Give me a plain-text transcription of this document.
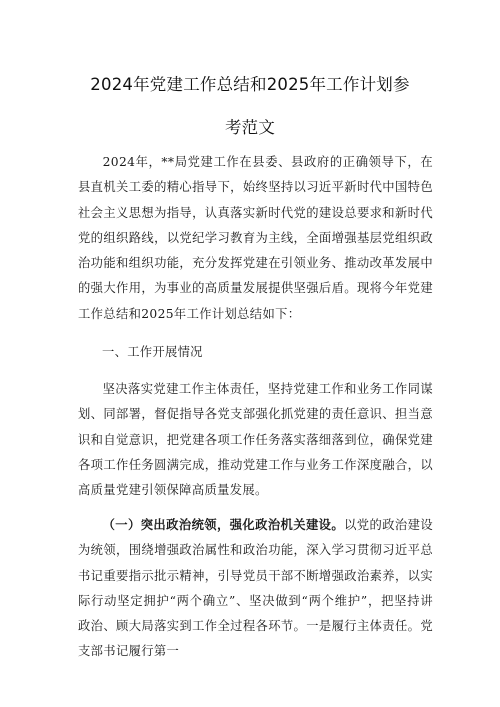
2024年党建工作总结和2025年工作计划参
考范文

2024年，**局党建工作在县委、县政府的正确领导下，在县直机关工委的精心指导下，始终坚持以习近平新时代中国特色社会主义思想为指导，认真落实新时代党的建设总要求和新时代党的组织路线，以党纪学习教育为主线，全面增强基层党组织政治功能和组织功能，充分发挥党建在引领业务、推动改革发展中的强大作用，为事业的高质量发展提供坚强后盾。现将今年党建工作总结和2025年工作计划总结如下：

一、工作开展情况

坚决落实党建工作主体责任，坚持党建工作和业务工作同谋划、同部署，督促指导各党支部强化抓党建的责任意识、担当意识和自觉意识，把党建各项工作任务落实落细落到位，确保党建各项工作任务圆满完成，推动党建工作与业务工作深度融合，以高质量党建引领保障高质量发展。

（一）突出政治统领，强化政治机关建设。以党的政治建设为统领，围绕增强政治属性和政治功能，深入学习贯彻习近平总书记重要指示批示精神，引导党员干部不断增强政治素养，以实际行动坚定拥护“两个确立”、坚决做到“两个维护”，把坚持讲政治、顾大局落实到工作全过程各环节。一是履行主体责任。党支部书记履行第一
